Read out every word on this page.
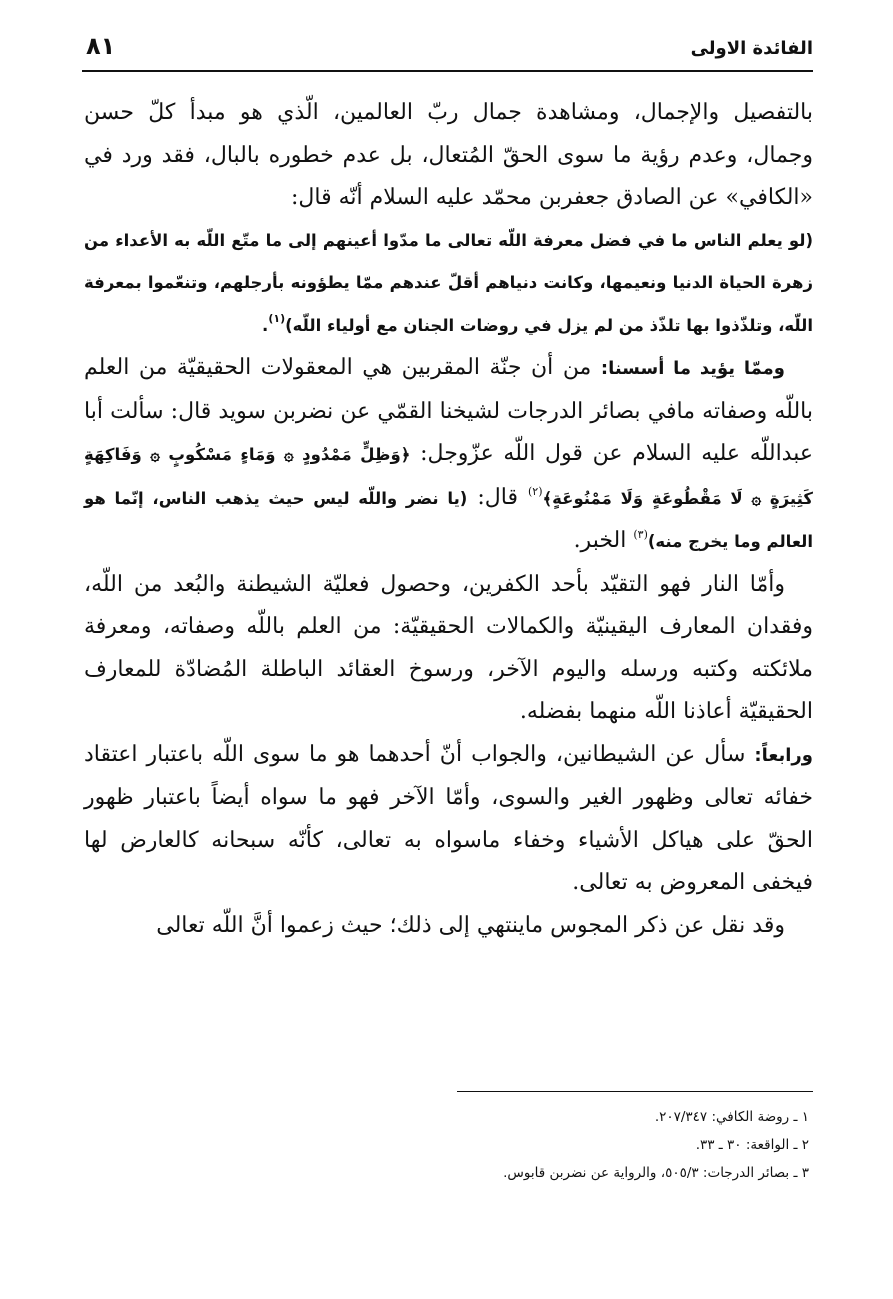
الفائدة الاولى
٨١

بالتفصيل والإجمال، ومشاهدة جمال ربّ العالمين، الّذي هو مبدأ كلّ حسن وجمال، وعدم رؤية ما سوى الحقّ المُتعال، بل عدم خطوره بالبال، فقد ورد في «الكافي» عن الصادق جعفربن محمّد عليه السلام أنّه قال:

(لو يعلم الناس ما في فضل معرفة اللّه تعالى ما مدّوا أعينهم إلى ما متّع اللّه به الأعداء من زهرة الحياة الدنيا ونعيمها، وكانت دنياهم أقلّ عندهم ممّا يطؤونه بأرجلهم، وتنعّموا بمعرفة اللّه، وتلذّذوا بها تلذّذ من لم يزل في روضات الجنان مع أولياء اللّه)$^{(١)}$.

وممّا يؤيد ما أسسنا: من أن جنّة المقربين هي المعقولات الحقيقيّة من العلم باللّه وصفاته مافي بصائر الدرجات لشيخنا القمّي عن نضربن سويد قال: سألت أبا عبداللّه عليه السلام عن قول اللّه عزّوجل: ﴿وَظِلٍّ مَمْدُودٍ ۞ وَمَاءٍ مَسْكُوبٍ ۞ وَفَاكِهَةٍ كَثِيرَةٍ ۞ لَا مَقْطُوعَةٍ وَلَا مَمْنُوعَةٍ﴾$^{(٢)}$ قال: (يا نضر واللّه ليس حيث يذهب الناس، إنّما هو العالم وما يخرج منه)$^{(٣)}$ الخبر.

وأمّا النار فهو التقيّد بأحد الكفرين، وحصول فعليّة الشيطنة والبُعد من اللّه، وفقدان المعارف اليقينيّة والكمالات الحقيقيّة: من العلم باللّه وصفاته، ومعرفة ملائكته وكتبه ورسله واليوم الآخر، ورسوخ العقائد الباطلة المُضادّة للمعارف الحقيقيّة أعاذنا اللّه منهما بفضله.

ورابعاً: سأل عن الشيطانين، والجواب أنّ أحدهما هو ما سوى اللّه باعتبار اعتقاد خفائه تعالى وظهور الغير والسوى، وأمّا الآخر فهو ما سواه أيضاً باعتبار ظهور الحقّ على هياكل الأشياء وخفاء ماسواه به تعالى، كأنّه سبحانه كالعارض لها فيخفى المعروض به تعالى.

وقد نقل عن ذكر المجوس ماينتهي إلى ذلك؛ حيث زعموا أنَّ اللّه تعالى

١ ـ روضة الكافي: ٢٠٧/٣٤٧.
٢ ـ الواقعة: ٣٠ ـ ٣٣.
٣ ـ بصائر الدرجات: ٥٠٥/٣، والرواية عن نضربن قابوس.
